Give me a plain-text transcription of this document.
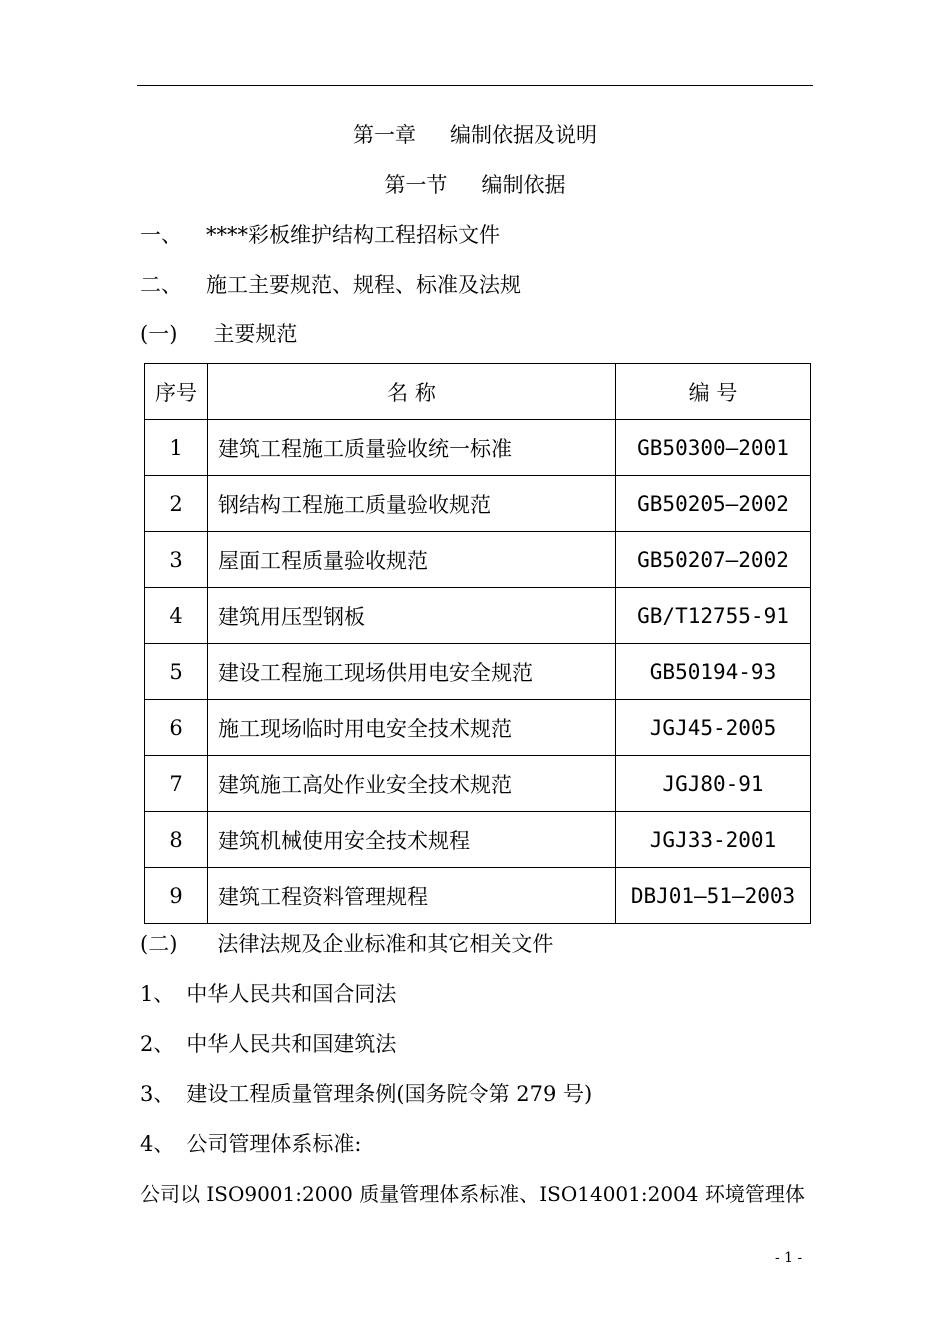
第一章 编制依据及说明
第一节 编制依据
一、 ****彩板维护结构工程招标文件
二、 施工主要规范、规程、标准及法规
(一) 主要规范
序号	名 称	编 号
1	建筑工程施工质量验收统一标准	GB50300—2001
2	钢结构工程施工质量验收规范	GB50205—2002
3	屋面工程质量验收规范	GB50207—2002
4	建筑用压型钢板	GB/T12755-91
5	建设工程施工现场供用电安全规范	GB50194-93
6	施工现场临时用电安全技术规范	JGJ45-2005
7	建筑施工高处作业安全技术规范	JGJ80-91
8	建筑机械使用安全技术规程	JGJ33-2001
9	建筑工程资料管理规程	DBJ01—51—2003
(二) 法律法规及企业标准和其它相关文件
1、 中华人民共和国合同法
2、 中华人民共和国建筑法
3、 建设工程质量管理条例(国务院令第 279 号)
4、 公司管理体系标准:
公司以 ISO9001:2000 质量管理体系标准、ISO14001:2004 环境管理体
- 1 -
